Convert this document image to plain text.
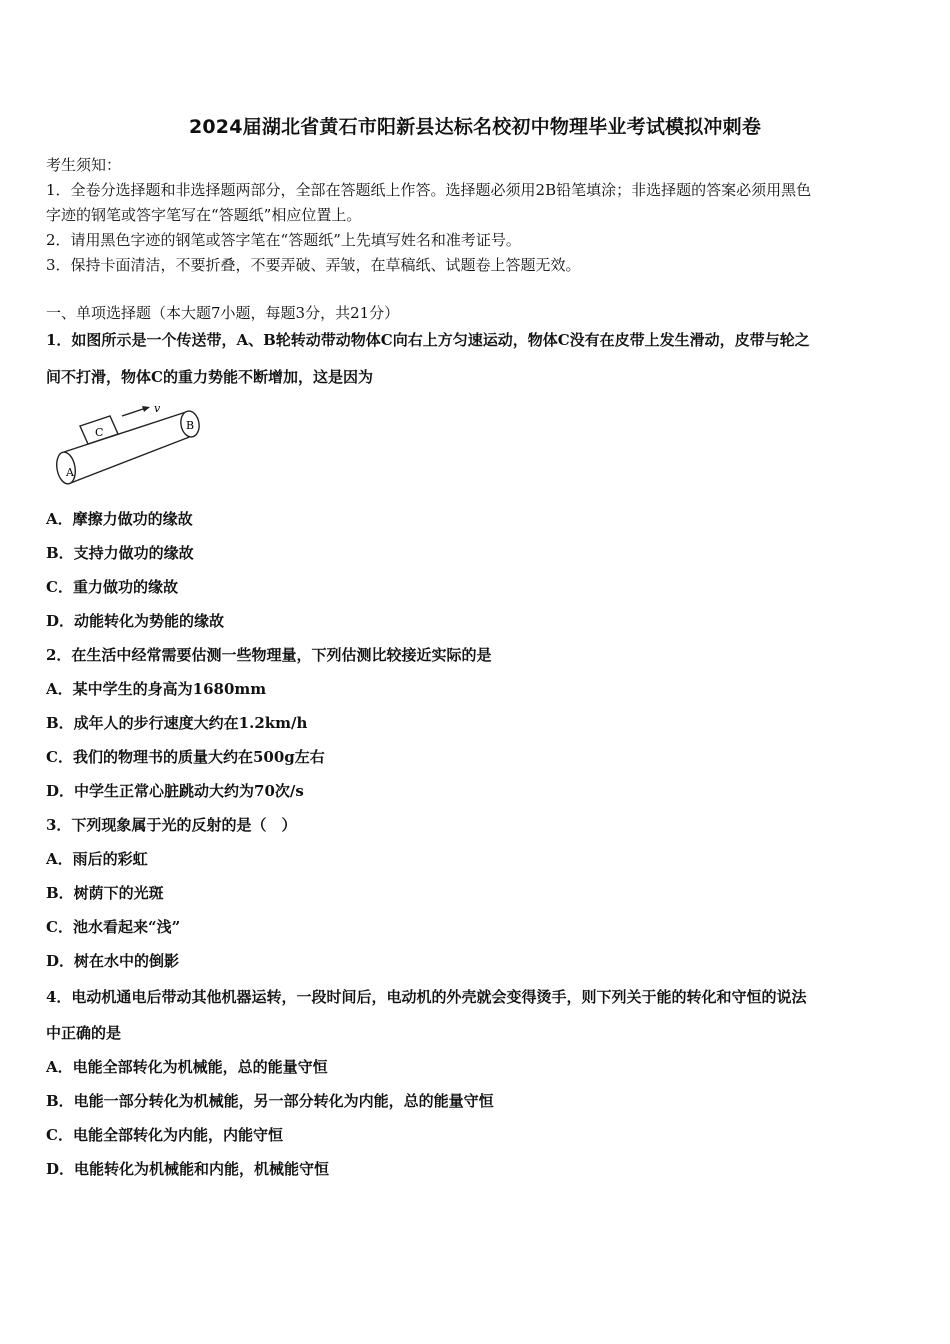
2024届湖北省黄石市阳新县达标名校初中物理毕业考试模拟冲刺卷
考生须知：
1．全卷分选择题和非选择题两部分，全部在答题纸上作答。选择题必须用2B铅笔填涂；非选择题的答案必须用黑色
字迹的钢笔或答字笔写在“答题纸”相应位置上。
2．请用黑色字迹的钢笔或答字笔在“答题纸”上先填写姓名和准考证号。
3．保持卡面清洁，不要折叠，不要弄破、弄皱，在草稿纸、试题卷上答题无效。
一、单项选择题（本大题7小题，每题3分，共21分）
1．如图所示是一个传送带，A、B轮转动带动物体C向右上方匀速运动，物体C没有在皮带上发生滑动，皮带与轮之
间不打滑，物体C的重力势能不断增加，这是因为
A
B
C
v
A．摩擦力做功的缘故
B．支持力做功的缘故
C．重力做功的缘故
D．动能转化为势能的缘故
2．在生活中经常需要估测一些物理量，下列估测比较接近实际的是
A．某中学生的身高为1680mm
B．成年人的步行速度大约在1.2km/h
C．我们的物理书的质量大约在500g左右
D．中学生正常心脏跳动大约为70次/s
3．下列现象属于光的反射的是（　）
A．雨后的彩虹
B．树荫下的光斑
C．池水看起来“浅”
D．树在水中的倒影
4．电动机通电后带动其他机器运转，一段时间后，电动机的外壳就会变得烫手，则下列关于能的转化和守恒的说法
中正确的是
A．电能全部转化为机械能，总的能量守恒
B．电能一部分转化为机械能，另一部分转化为内能，总的能量守恒
C．电能全部转化为内能，内能守恒
D．电能转化为机械能和内能，机械能守恒
